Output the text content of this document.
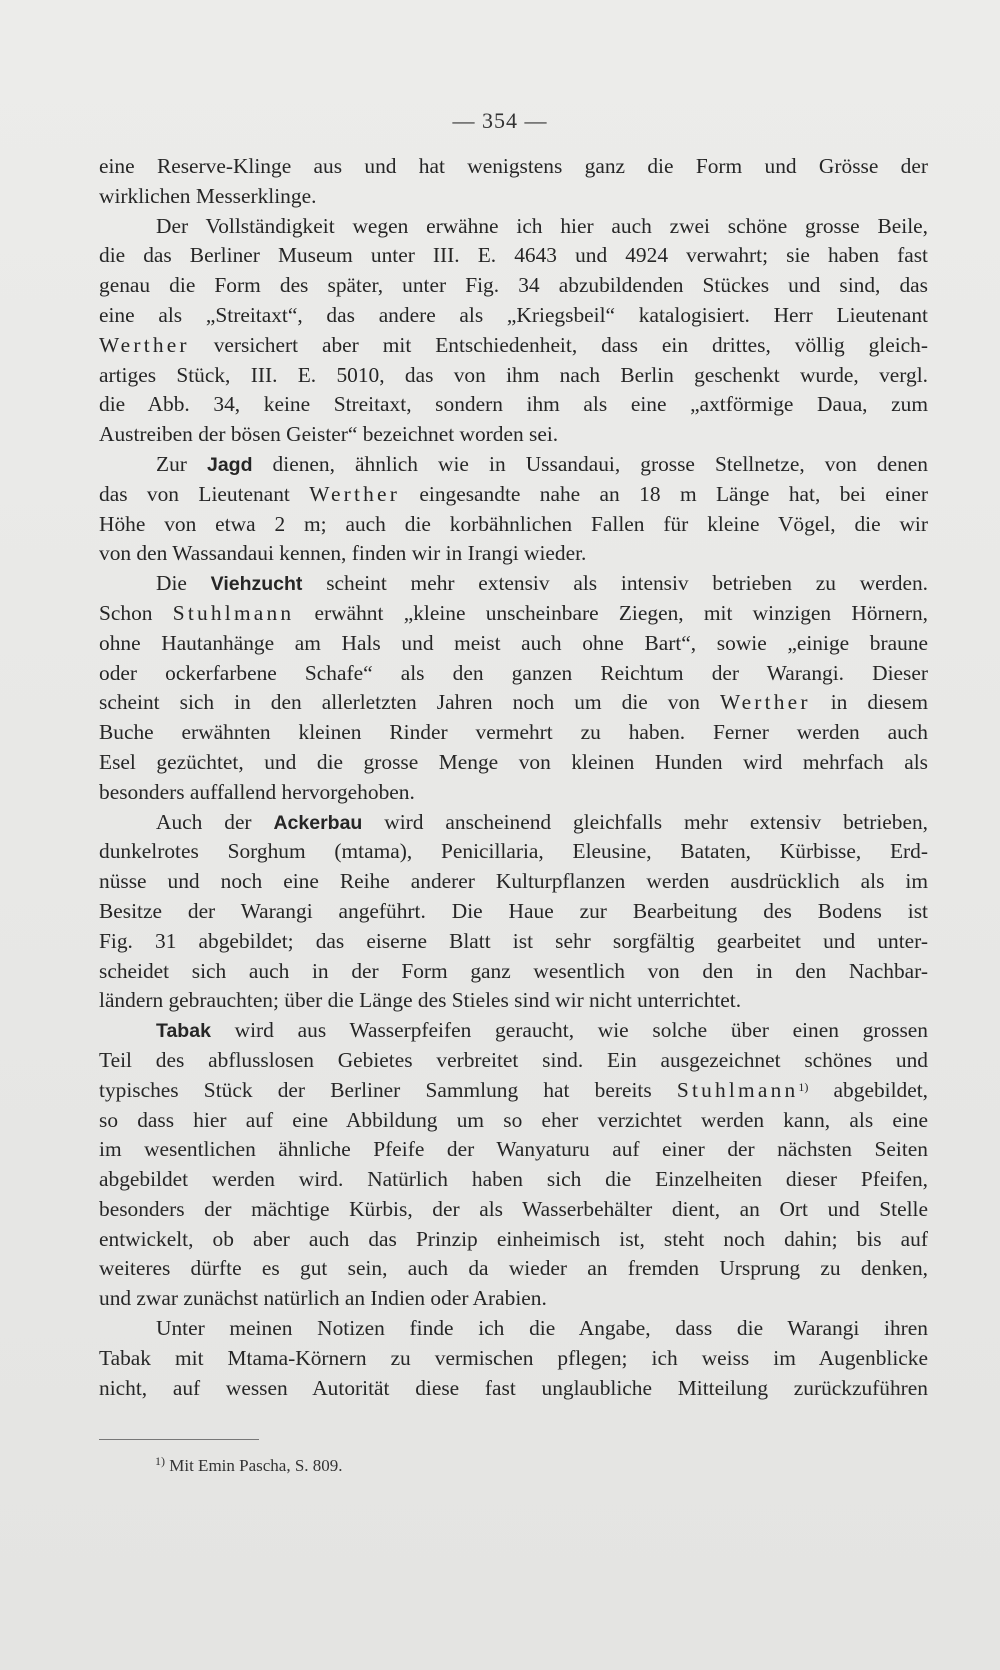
— 354 —
eine Reserve-Klinge aus und hat wenigstens ganz die Form und Grösse der
wirklichen Messerklinge.
Der Vollständigkeit wegen erwähne ich hier auch zwei schöne grosse Beile,
die das Berliner Museum unter III. E. 4643 und 4924 verwahrt; sie haben fast
genau die Form des später, unter Fig. 34 abzubildenden Stückes und sind, das
eine als „Streitaxt“, das andere als „Kriegsbeil“ katalogisiert. Herr Lieutenant
Werther versichert aber mit Entschiedenheit, dass ein drittes, völlig gleich-
artiges Stück, III. E. 5010, das von ihm nach Berlin geschenkt wurde, vergl.
die Abb. 34, keine Streitaxt, sondern ihm als eine „axtförmige Daua, zum
Austreiben der bösen Geister“ bezeichnet worden sei.
Zur Jagd dienen, ähnlich wie in Ussandaui, grosse Stellnetze, von denen
das von Lieutenant Werther eingesandte nahe an 18 m Länge hat, bei einer
Höhe von etwa 2 m; auch die korbähnlichen Fallen für kleine Vögel, die wir
von den Wassandaui kennen, finden wir in Irangi wieder.
Die Viehzucht scheint mehr extensiv als intensiv betrieben zu werden.
Schon Stuhlmann erwähnt „kleine unscheinbare Ziegen, mit winzigen Hörnern,
ohne Hautanhänge am Hals und meist auch ohne Bart“, sowie „einige braune
oder ockerfarbene Schafe“ als den ganzen Reichtum der Warangi. Dieser
scheint sich in den allerletzten Jahren noch um die von Werther in diesem
Buche erwähnten kleinen Rinder vermehrt zu haben. Ferner werden auch
Esel gezüchtet, und die grosse Menge von kleinen Hunden wird mehrfach als
besonders auffallend hervorgehoben.
Auch der Ackerbau wird anscheinend gleichfalls mehr extensiv betrieben,
dunkelrotes Sorghum (mtama), Penicillaria, Eleusine, Bataten, Kürbisse, Erd-
nüsse und noch eine Reihe anderer Kulturpflanzen werden ausdrücklich als im
Besitze der Warangi angeführt. Die Haue zur Bearbeitung des Bodens ist
Fig. 31 abgebildet; das eiserne Blatt ist sehr sorgfältig gearbeitet und unter-
scheidet sich auch in der Form ganz wesentlich von den in den Nachbar-
ländern gebrauchten; über die Länge des Stieles sind wir nicht unterrichtet.
Tabak wird aus Wasserpfeifen geraucht, wie solche über einen grossen
Teil des abflusslosen Gebietes verbreitet sind. Ein ausgezeichnet schönes und
typisches Stück der Berliner Sammlung hat bereits Stuhlmann$^{1)}$ abgebildet,
so dass hier auf eine Abbildung um so eher verzichtet werden kann, als eine
im wesentlichen ähnliche Pfeife der Wanyaturu auf einer der nächsten Seiten
abgebildet werden wird. Natürlich haben sich die Einzelheiten dieser Pfeifen,
besonders der mächtige Kürbis, der als Wasserbehälter dient, an Ort und Stelle
entwickelt, ob aber auch das Prinzip einheimisch ist, steht noch dahin; bis auf
weiteres dürfte es gut sein, auch da wieder an fremden Ursprung zu denken,
und zwar zunächst natürlich an Indien oder Arabien.
Unter meinen Notizen finde ich die Angabe, dass die Warangi ihren
Tabak mit Mtama-Körnern zu vermischen pflegen; ich weiss im Augenblicke
nicht, auf wessen Autorität diese fast unglaubliche Mitteilung zurückzuführen
$^{1)}$ Mit Emin Pascha, S. 809.
